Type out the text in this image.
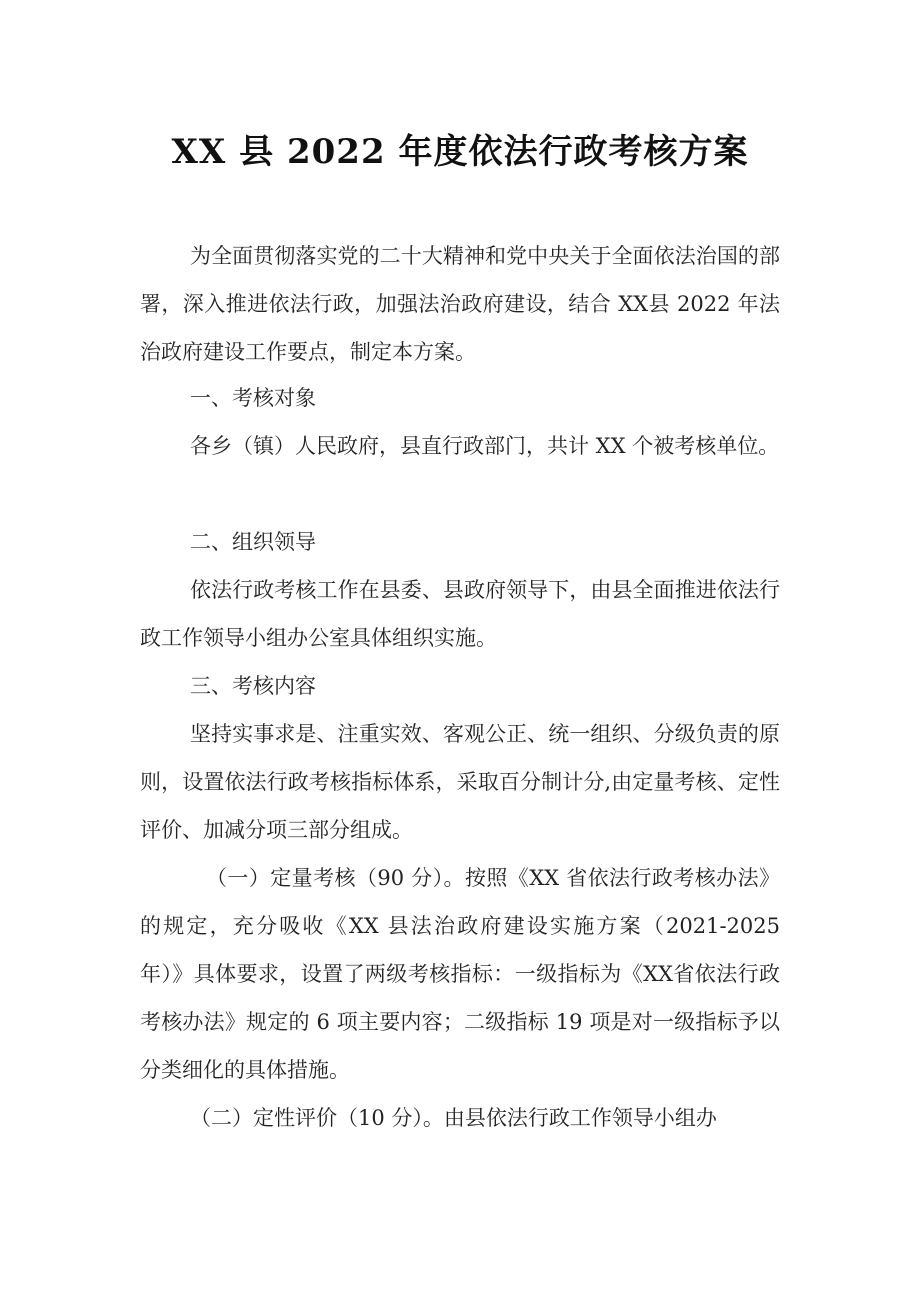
XX 县 2022 年度依法行政考核方案

为全面贯彻落实党的二十大精神和党中央关于全面依法治国的部署，深入推进依法行政，加强法治政府建设，结合 XX县 2022 年法治政府建设工作要点，制定本方案。

一、考核对象

各乡（镇）人民政府，县直行政部门，共计 XX 个被考核单位。

二、组织领导

依法行政考核工作在县委、县政府领导下，由县全面推进依法行政工作领导小组办公室具体组织实施。

三、考核内容

坚持实事求是、注重实效、客观公正、统一组织、分级负责的原则，设置依法行政考核指标体系，采取百分制计分,由定量考核、定性评价、加减分项三部分组成。

（一）定量考核（90 分）。按照《XX 省依法行政考核办法》的规定，充分吸收《XX 县法治政府建设实施方案（2021-2025 年）》具体要求，设置了两级考核指标：一级指标为《XX省依法行政考核办法》规定的 6 项主要内容；二级指标 19 项是对一级指标予以分类细化的具体措施。

（二）定性评价（10 分）。由县依法行政工作领导小组办
